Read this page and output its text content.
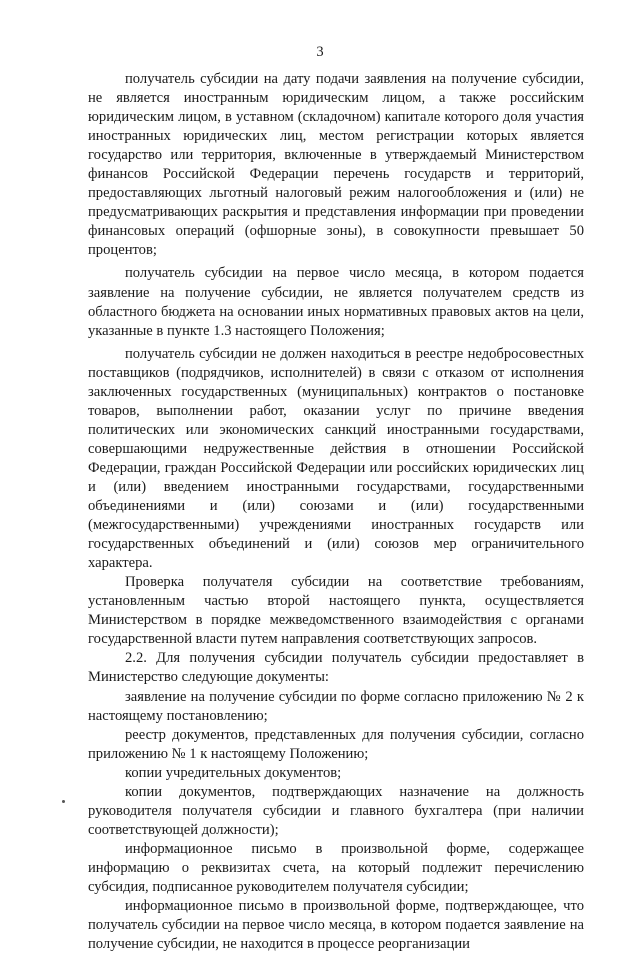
3

получатель субсидии на дату подачи заявления на получение субсидии, не является иностранным юридическим лицом, а также российским юридическим лицом, в уставном (складочном) капитале которого доля участия иностранных юридических лиц, местом регистрации которых является государство или территория, включенные в утверждаемый Министерством финансов Российской Федерации перечень государств и территорий, предоставляющих льготный налоговый режим налогообложения и (или) не предусматривающих раскрытия и представления информации при проведении финансовых операций (офшорные зоны), в совокупности превышает 50 процентов;

получатель субсидии на первое число месяца, в котором подается заявление на получение субсидии, не является получателем средств из областного бюджета на основании иных нормативных правовых актов на цели, указанные в пункте 1.3 настоящего Положения;

получатель субсидии не должен находиться в реестре недобросовестных поставщиков (подрядчиков, исполнителей) в связи с отказом от исполнения заключенных государственных (муниципальных) контрактов о постановке товаров, выполнении работ, оказании услуг по причине введения политических или экономических санкций иностранными государствами, совершающими недружественные действия в отношении Российской Федерации, граждан Российской Федерации или российских юридических лиц и (или) введением иностранными государствами, государственными объединениями и (или) союзами и (или) государственными (межгосударственными) учреждениями иностранных государств или государственных объединений и (или) союзов мер ограничительного характера.

Проверка получателя субсидии на соответствие требованиям, установленным частью второй настоящего пункта, осуществляется Министерством в порядке межведомственного взаимодействия с органами государственной власти путем направления соответствующих запросов.

2.2. Для получения субсидии получатель субсидии предоставляет в Министерство следующие документы:

заявление на получение субсидии по форме согласно приложению № 2 к настоящему постановлению;

реестр документов, представленных для получения субсидии, согласно приложению № 1 к настоящему Положению;

копии учредительных документов;

копии документов, подтверждающих назначение на должность руководителя получателя субсидии и главного бухгалтера (при наличии соответствующей должности);

информационное письмо в произвольной форме, содержащее информацию о реквизитах счета, на который подлежит перечислению субсидия, подписанное руководителем получателя субсидии;

информационное письмо в произвольной форме, подтверждающее, что получатель субсидии на первое число месяца, в котором подается заявление на получение субсидии, не находится в процессе реорганизации
